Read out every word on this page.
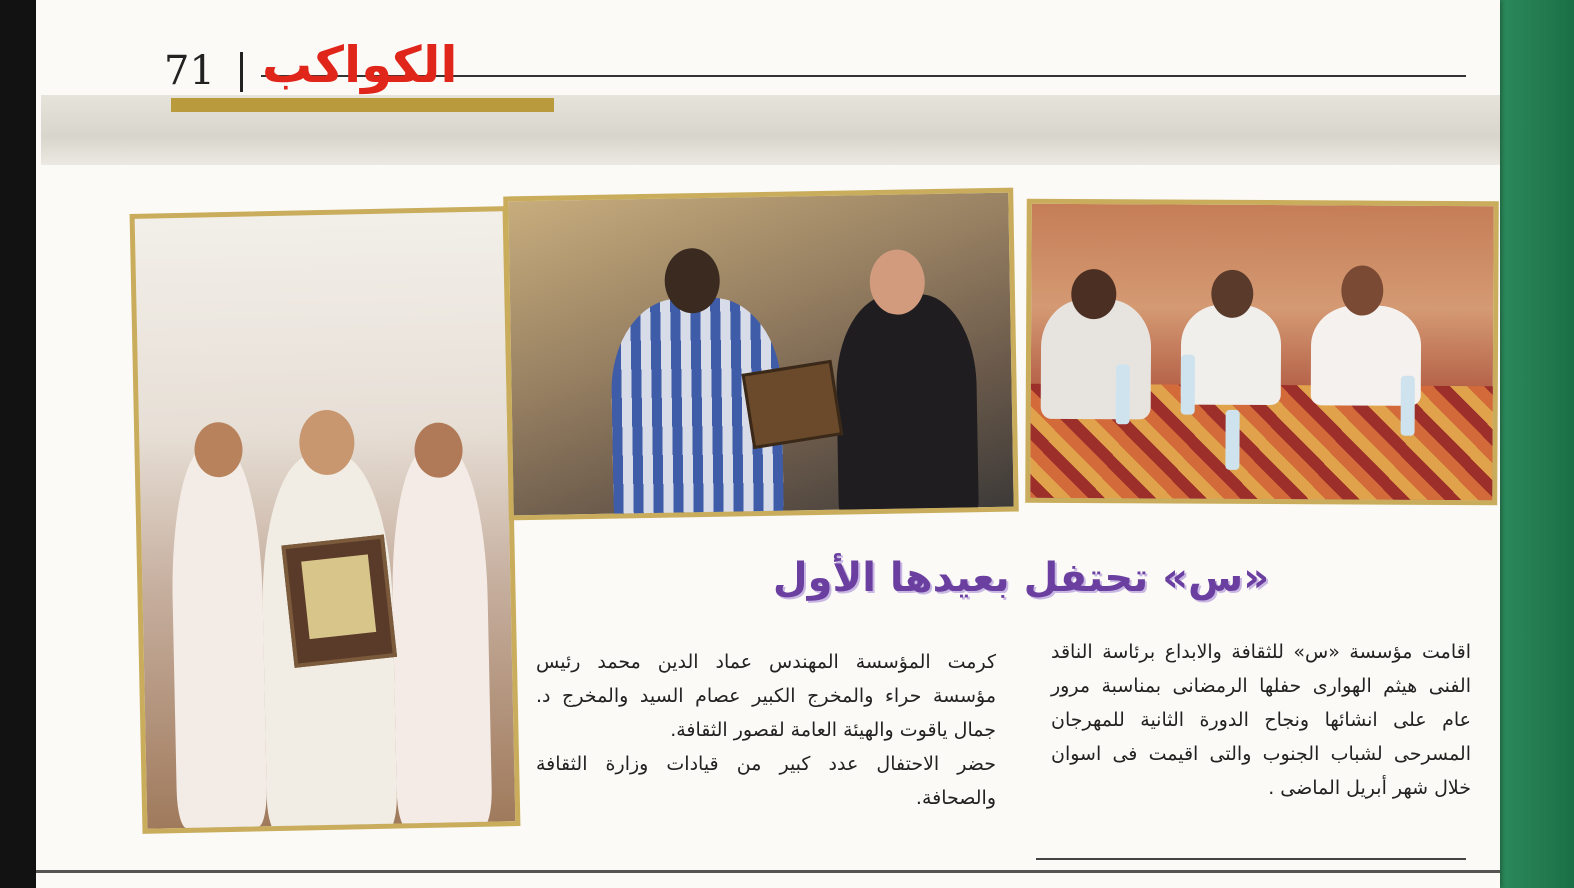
71 الكواكب
«س» تحتفل بعيدها الأول

اقامت مؤسسة «س» للثقافة والابداع برئاسة الناقد الفنى هيثم الهوارى حفلها الرمضانى بمناسبة مرور عام على انشائها ونجاح الدورة الثانية للمهرجان المسرحى لشباب الجنوب والتى اقيمت فى اسوان خلال شهر أبريل الماضى .

كرمت المؤسسة المهندس عماد الدين محمد رئيس مؤسسة حراء والمخرج الكبير عصام السيد والمخرج د. جمال ياقوت والهيئة العامة لقصور الثقافة.

حضر الاحتفال عدد كبير من قيادات وزارة الثقافة والصحافة.
